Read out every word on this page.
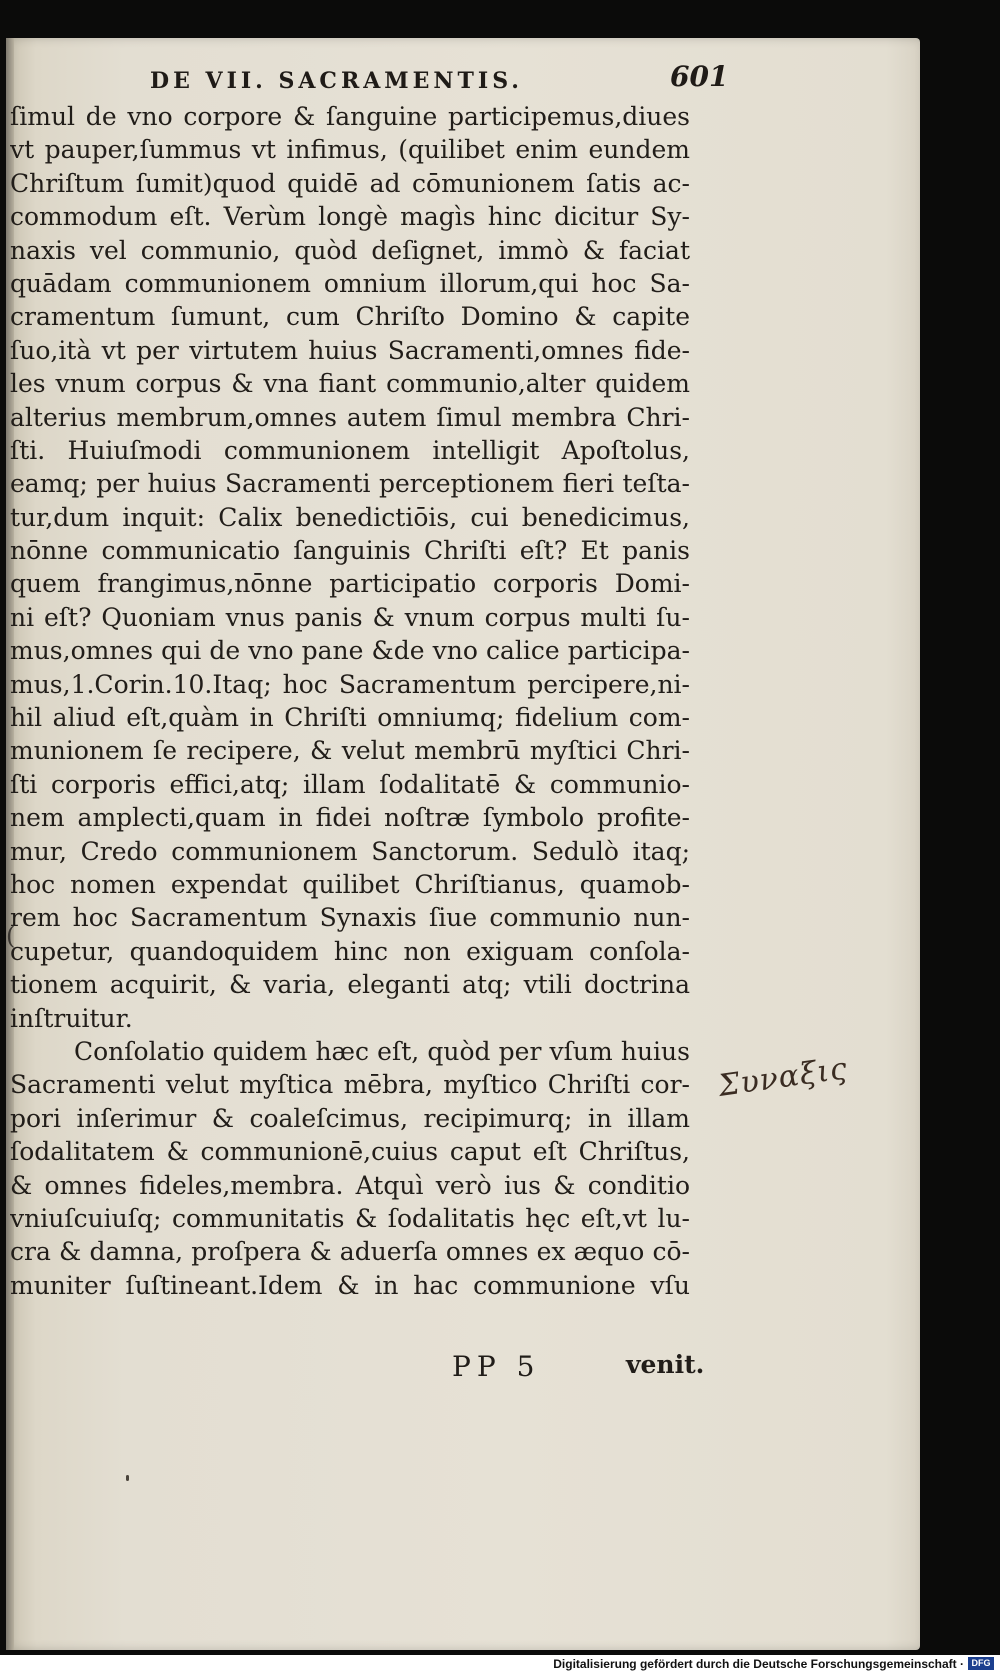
DE VII. SACRAMENTIS.	601
ſimul de vno corpore & ſanguine participemus,diues
vt pauper,ſummus vt infimus, (quilibet enim eundem
Chriſtum ſumit)quod quidē ad cōmunionem ſatis ac-
commodum eſt. Verùm longè magìs hinc dicitur Sy-
naxis vel communio, quòd deſignet, immò & faciat
quādam communionem omnium illorum,qui hoc Sa-
cramentum ſumunt, cum Chriſto Domino & capite
ſuo,ità vt per virtutem huius Sacramenti,omnes fide-
les vnum corpus & vna fiant communio,alter quidem
alterius membrum,omnes autem ſimul membra Chri-
ſti. Huiuſmodi communionem intelligit Apoſtolus,
eamq; per huius Sacramenti perceptionem fieri teſta-
tur,dum inquit: Calix benedictiōis, cui benedicimus,
nōnne communicatio ſanguinis Chriſti eſt? Et panis
quem frangimus,nōnne participatio corporis Domi-
ni eſt? Quoniam vnus panis & vnum corpus multi ſu-
mus,omnes qui de vno pane &de vno calice participa-
mus,1.Corin.10.Itaq; hoc Sacramentum percipere,ni-
hil aliud eſt,quàm in Chriſti omniumq; fidelium com-
munionem ſe recipere, & velut membrū myſtici Chri-
ſti corporis effici,atq; illam ſodalitatē & communio-
nem amplecti,quam in fidei noſtræ ſymbolo profite-
mur, Credo communionem Sanctorum. Sedulò itaq;
hoc nomen expendat quilibet Chriſtianus, quamob-
rem hoc Sacramentum Synaxis ſiue communio nun-
cupetur, quandoquidem hinc non exiguam conſola-
tionem acquirit, & varia, eleganti atq; vtili doctrina
inſtruitur.
Conſolatio quidem hæc eſt, quòd per vſum huius
Sacramenti velut myſtica mēbra, myſtico Chriſti cor-
pori inſerimur & coaleſcimus, recipimurq; in illam
ſodalitatem & communionē,cuius caput eſt Chriſtus,
& omnes fideles,membra. Atquì verò ius & conditio
vniuſcuiuſq; communitatis & ſodalitatis hęc eſt,vt lu-
cra & damna, proſpera & aduerſa omnes ex æquo cō-
muniter ſuſtineant.Idem & in hac communione vſu
PP 5	venit.
Συναξις
(
Digitalisierung gefördert durch die Deutsche Forschungsgemeinschaft · DFG
